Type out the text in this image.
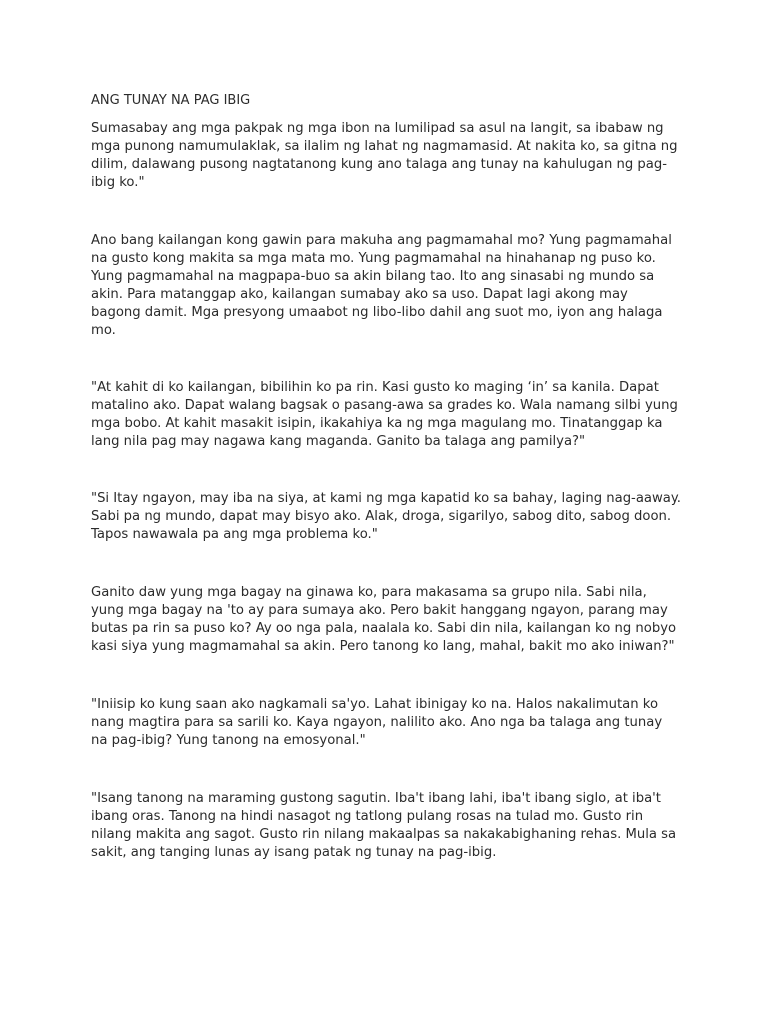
ANG TUNAY NA PAG IBIG

Sumasabay ang mga pakpak ng mga ibon na lumilipad sa asul na langit, sa ibabaw ng mga punong namumulaklak, sa ilalim ng lahat ng nagmamasid. At nakita ko, sa gitna ng dilim, dalawang pusong nagtatanong kung ano talaga ang tunay na kahulugan ng pag-ibig ko."

Ano bang kailangan kong gawin para makuha ang pagmamahal mo? Yung pagmamahal na gusto kong makita sa mga mata mo. Yung pagmamahal na hinahanap ng puso ko. Yung pagmamahal na magpapa-buo sa akin bilang tao. Ito ang sinasabi ng mundo sa akin. Para matanggap ako, kailangan sumabay ako sa uso. Dapat lagi akong may bagong damit. Mga presyong umaabot ng libo-libo dahil ang suot mo, iyon ang halaga mo.

"At kahit di ko kailangan, bibilihin ko pa rin. Kasi gusto ko maging ‘in’ sa kanila. Dapat matalino ako. Dapat walang bagsak o pasang-awa sa grades ko. Wala namang silbi yung mga bobo. At kahit masakit isipin, ikakahiya ka ng mga magulang mo. Tinatanggap ka lang nila pag may nagawa kang maganda. Ganito ba talaga ang pamilya?"

"Si Itay ngayon, may iba na siya, at kami ng mga kapatid ko sa bahay, laging nag-aaway. Sabi pa ng mundo, dapat may bisyo ako. Alak, droga, sigarilyo, sabog dito, sabog doon. Tapos nawawala pa ang mga problema ko."

Ganito daw yung mga bagay na ginawa ko, para makasama sa grupo nila. Sabi nila, yung mga bagay na 'to ay para sumaya ako. Pero bakit hanggang ngayon, parang may butas pa rin sa puso ko? Ay oo nga pala, naalala ko. Sabi din nila, kailangan ko ng nobyo kasi siya yung magmamahal sa akin. Pero tanong ko lang, mahal, bakit mo ako iniwan?"

"Iniisip ko kung saan ako nagkamali sa'yo. Lahat ibinigay ko na. Halos nakalimutan ko nang magtira para sa sarili ko. Kaya ngayon, nalilito ako. Ano nga ba talaga ang tunay na pag-ibig? Yung tanong na emosyonal."

"Isang tanong na maraming gustong sagutin. Iba't ibang lahi, iba't ibang siglo, at iba't ibang oras. Tanong na hindi nasagot ng tatlong pulang rosas na tulad mo. Gusto rin nilang makita ang sagot. Gusto rin nilang makaalpas sa nakakabighaning rehas. Mula sa sakit, ang tanging lunas ay isang patak ng tunay na pag-ibig.
